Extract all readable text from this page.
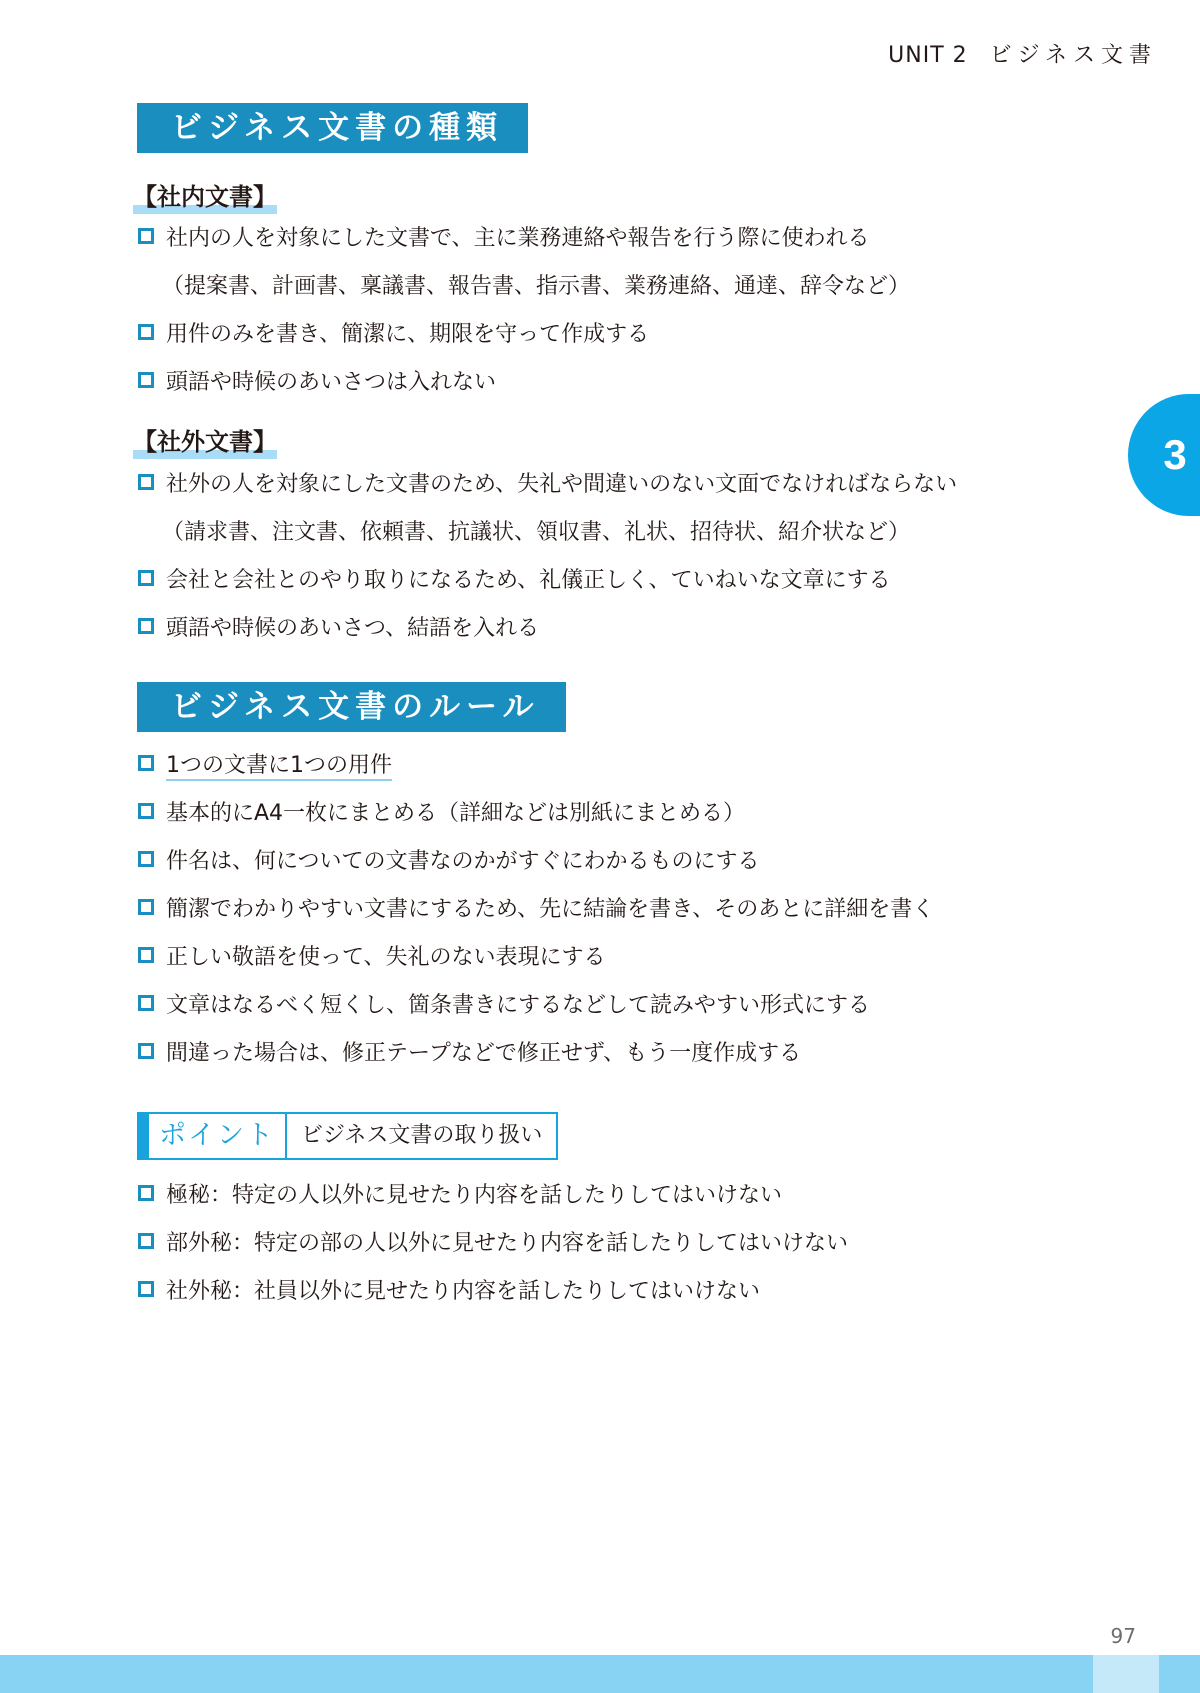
UNIT 2 ビジネス文書
3
ビジネス文書の種類
【社内文書】
社内の人を対象にした文書で、主に業務連絡や報告を行う際に使われる
（提案書、計画書、稟議書、報告書、指示書、業務連絡、通達、辞令など）
用件のみを書き、簡潔に、期限を守って作成する
頭語や時候のあいさつは入れない
【社外文書】
社外の人を対象にした文書のため、失礼や間違いのない文面でなければならない
（請求書、注文書、依頼書、抗議状、領収書、礼状、招待状、紹介状など）
会社と会社とのやり取りになるため、礼儀正しく、ていねいな文章にする
頭語や時候のあいさつ、結語を入れる
ビジネス文書のルール
1つの文書に1つの用件
基本的にA4一枚にまとめる（詳細などは別紙にまとめる）
件名は、何についての文書なのかがすぐにわかるものにする
簡潔でわかりやすい文書にするため、先に結論を書き、そのあとに詳細を書く
正しい敬語を使って、失礼のない表現にする
文章はなるべく短くし、箇条書きにするなどして読みやすい形式にする
間違った場合は、修正テープなどで修正せず、もう一度作成する
ポイント	ビジネス文書の取り扱い
極秘：特定の人以外に見せたり内容を話したりしてはいけない
部外秘：特定の部の人以外に見せたり内容を話したりしてはいけない
社外秘：社員以外に見せたり内容を話したりしてはいけない
97
